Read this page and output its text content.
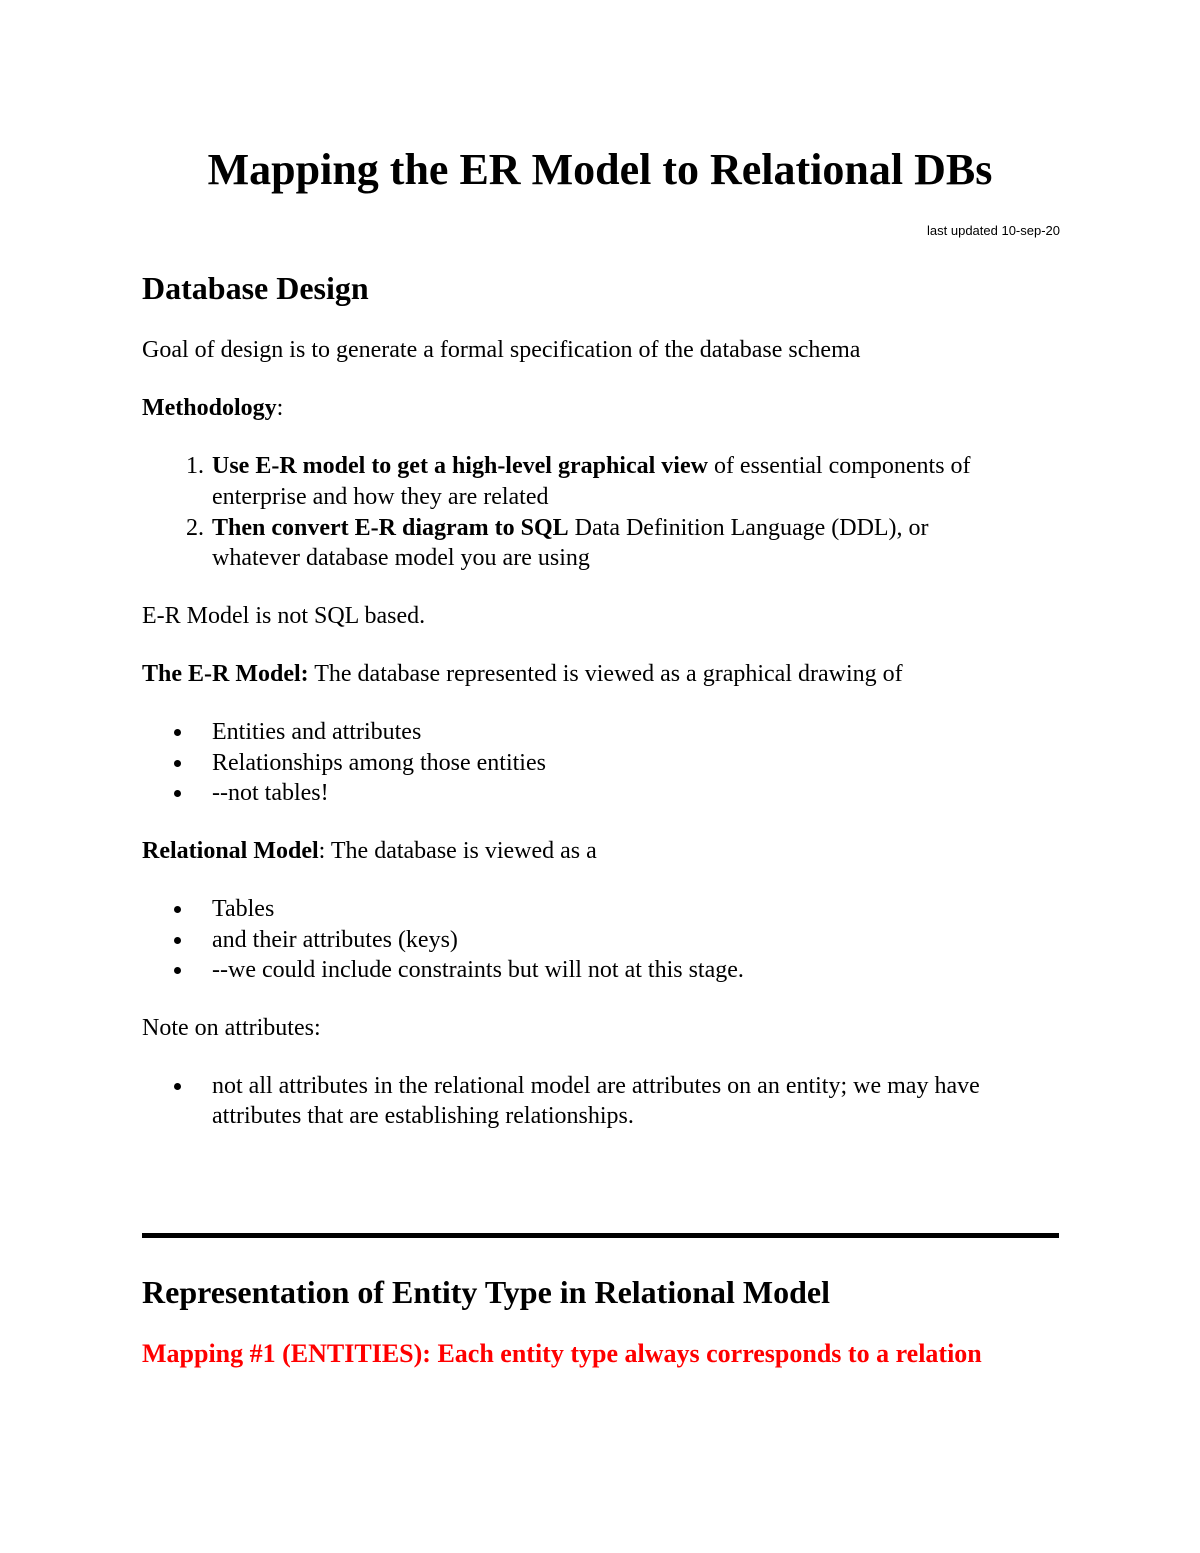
Mapping the ER Model to Relational DBs
last updated 10-sep-20
Database Design

Goal of design is to generate a formal specification of the database schema

Methodology:

1. Use E-R model to get a high-level graphical view of essential components of
enterprise and how they are related
2. Then convert E-R diagram to SQL Data Definition Language (DDL), or
whatever database model you are using

E-R Model is not SQL based.

The E-R Model: The database represented is viewed as a graphical drawing of

Entities and attributes
Relationships among those entities
--not tables!

Relational Model: The database is viewed as a

Tables
and their attributes (keys)
--we could include constraints but will not at this stage.

Note on attributes:

not all attributes in the relational model are attributes on an entity; we may have
attributes that are establishing relationships.
Representation of Entity Type in Relational Model

Mapping #1 (ENTITIES): Each entity type always corresponds to a relation
